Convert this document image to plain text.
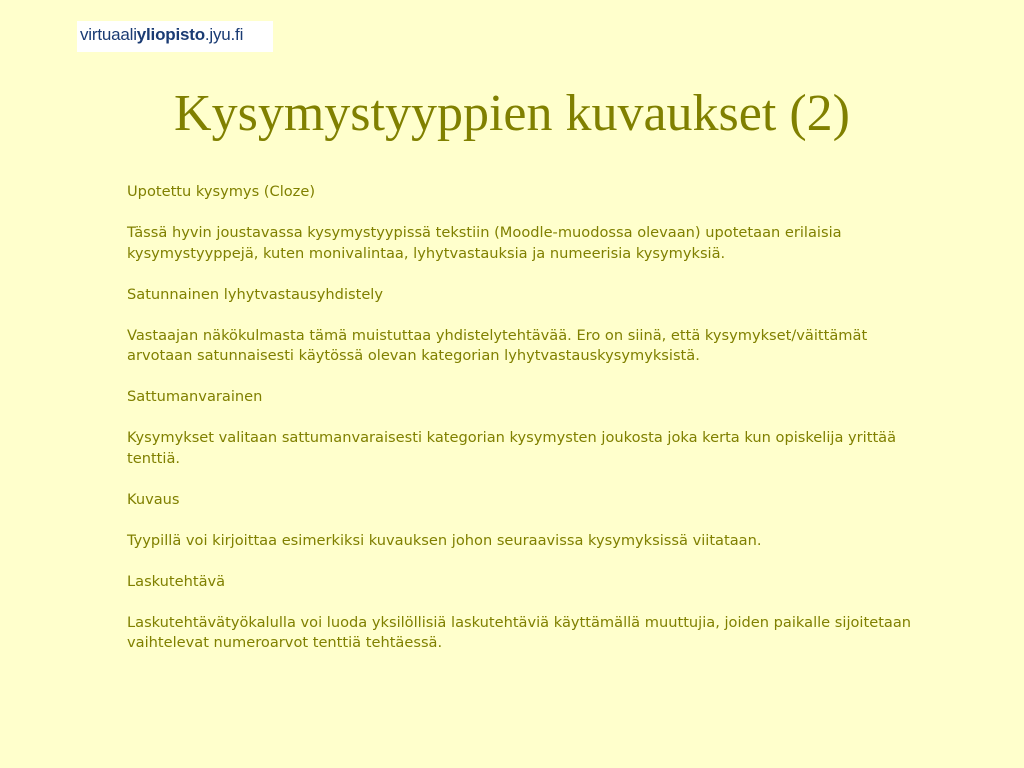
virtuaaliyliopisto.jyu.fi
Kysymystyyppien kuvaukset (2)

Upotettu kysymys (Cloze)

Tässä hyvin joustavassa kysymystyypissä tekstiin (Moodle-muodossa olevaan) upotetaan erilaisia kysymystyyppejä, kuten monivalintaa, lyhytvastauksia ja numeerisia kysymyksiä.

Satunnainen lyhytvastausyhdistely

Vastaajan näkökulmasta tämä muistuttaa yhdistelytehtävää. Ero on siinä, että kysymykset/väittämät arvotaan satunnaisesti käytössä olevan kategorian lyhytvastauskysymyksistä.

Sattumanvarainen

Kysymykset valitaan sattumanvaraisesti kategorian kysymysten joukosta joka kerta kun opiskelija yrittää tenttiä.

Kuvaus

Tyypillä voi kirjoittaa esimerkiksi kuvauksen johon seuraavissa kysymyksissä viitataan.

Laskutehtävä

Laskutehtävätyökalulla voi luoda yksilöllisiä laskutehtäviä käyttämällä muuttujia, joiden paikalle sijoitetaan vaihtelevat numeroarvot tenttiä tehtäessä.
